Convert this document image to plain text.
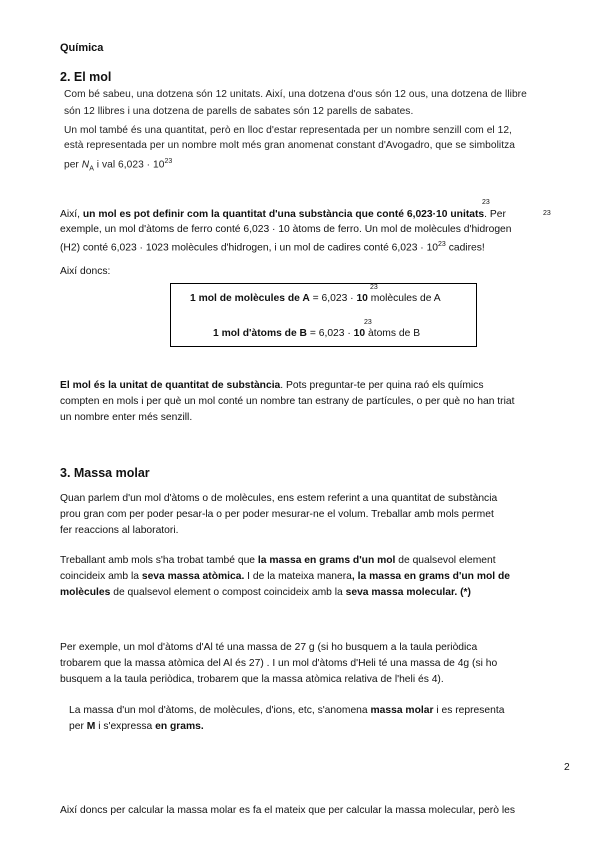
Química
2. El mol
Com bé sabeu, una dotzena són 12 unitats. Així, una dotzena d'ous són 12 ous, una dotzena de llibre són 12 llibres i una dotzena de parells de sabates són 12 parells de sabates.
Un mol també és una quantitat, però en lloc d'estar representada per un nombre senzill com el 12,
està representada per un nombre molt més gran anomenat constant d'Avogadro, que se simbolitza
per $N_A$ i val $6,023 \cdot 10^{23}$
23
23
Així, un mol es pot definir com la quantitat d'una substància que conté 6,023·10 unitats. Per
exemple, un mol d'àtoms de ferro conté 6,023 · 10 àtoms de ferro. Un mol de molècules d'hidrogen
(H2) conté 6,023 · 1023 molècules d'hidrogen, i un mol de cadires conté $6,023 \cdot 10^{23}$ cadires!
Així doncs:
23
1 mol de molècules de A = 6,023 · 10 molècules de A
23
1 mol d'àtoms de B = 6,023 · 10 àtoms de B
El mol és la unitat de quantitat de substància. Pots preguntar-te per quina raó els químics
compten en mols i per què un mol conté un nombre tan estrany de partícules, o per què no han triat
un nombre enter més senzill.
3. Massa molar
Quan parlem d'un mol d'àtoms o de molècules, ens estem referint a una quantitat de substància
prou gran com per poder pesar-la o per poder mesurar-ne el volum. Treballar amb mols permet
fer reaccions al laboratori.
Treballant amb mols s'ha trobat també que la massa en grams d'un mol de qualsevol element
coincideix amb la seva massa atòmica. I de la mateixa manera, la massa en grams d'un mol de
molècules de qualsevol element o compost coincideix amb la seva massa molecular. (*)
Per exemple, un mol d'àtoms d'Al té una massa de 27 g (si ho busquem a la taula periòdica
trobarem que la massa atòmica del Al és 27) . I un mol d'àtoms d'Heli té una massa de 4g (si ho
busquem a la taula periòdica, trobarem que la massa atòmica relativa de l'heli és 4).
La massa d'un mol d'àtoms, de molècules, d'ions, etc, s'anomena massa molar i es representa
per M i s'expressa en grams.
2
Així doncs per calcular la massa molar es fa el mateix que per calcular la massa molecular, però les
